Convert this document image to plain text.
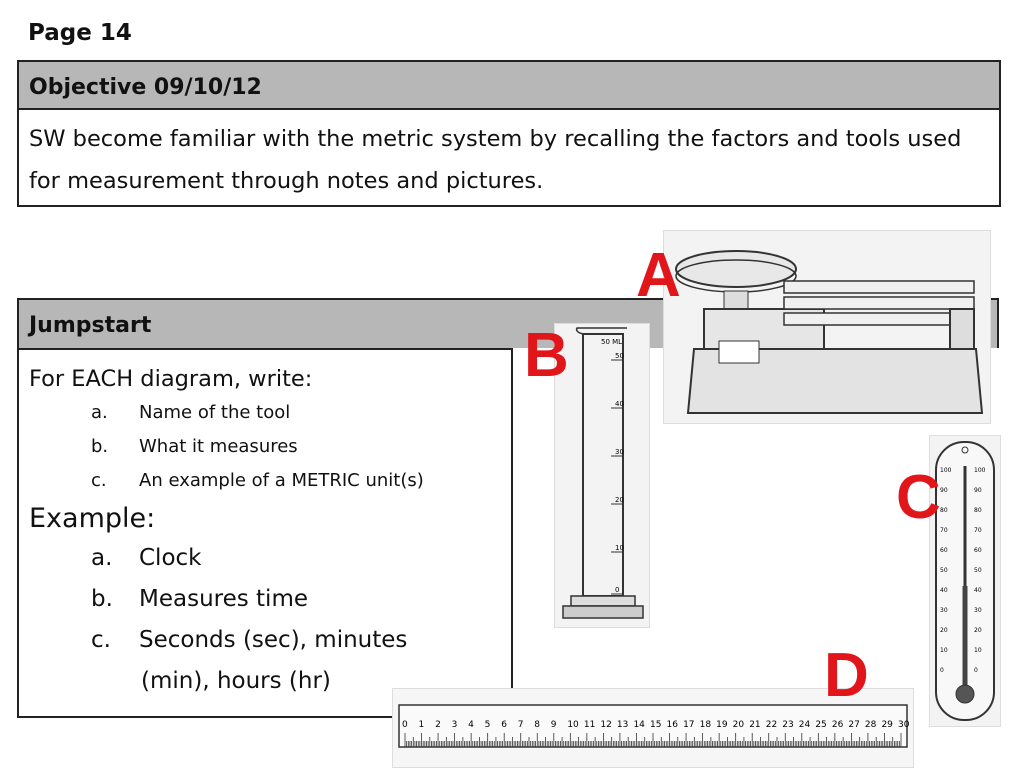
Page 14
Objective 09/10/12
SW become familiar with the metric system by recalling the factors and tools used for measurement through notes and pictures.
Jumpstart
For EACH diagram, write:
a.	Name of the tool
b.	What it measures
c.	An example of a METRIC unit(s)
Example:
a.	Clock
b.	Measures time
c.	Seconds (sec), minutes
(min), hours (hr)
A
50 ML
50
40
30
20
10
0
B
100
90
80
70
60
50
40
30
20
10
0
100
90
80
70
60
50
40
30
20
10
0
C
0 1 2 3 4 5 6 7 8 9 10 11 12 13 14 15 16 17 18 19 20 21 22 23 24 25 26 27 28 29 30
D
